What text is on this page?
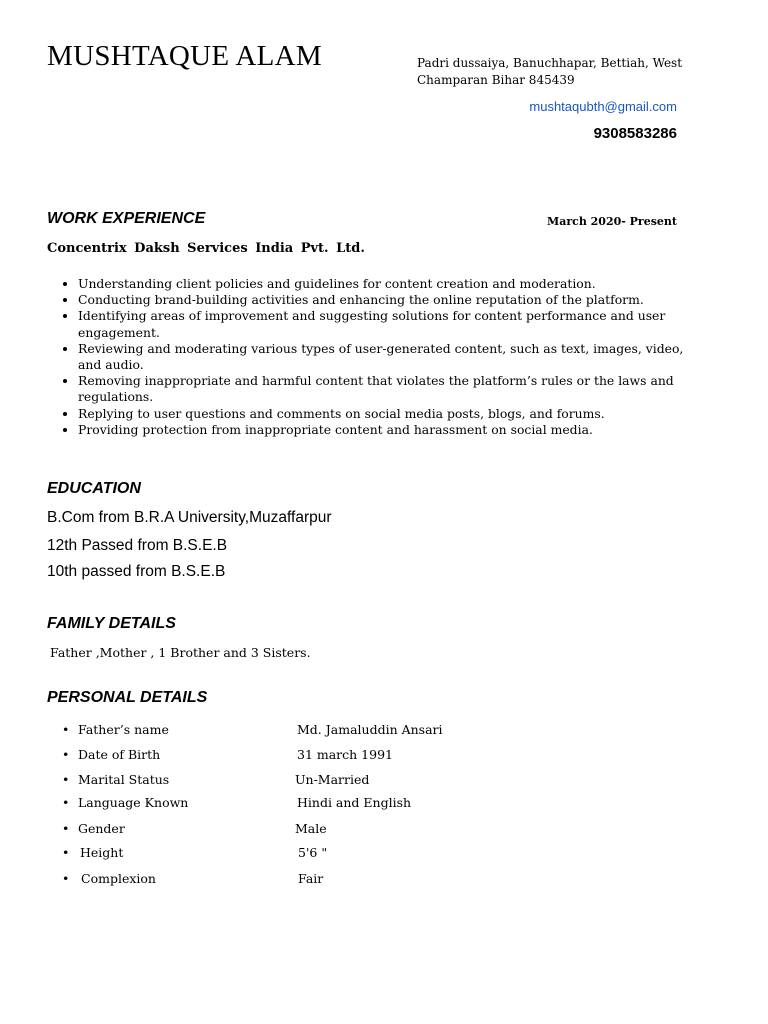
MUSHTAQUE ALAM	Padri dussaiya, Banuchhapar, Bettiah, West
Champaran Bihar 845439
mushtaqubth@gmail.com
9308583286
WORK EXPERIENCE	March 2020- Present
Concentrix Daksh Services India Pvt. Ltd.
• Understanding client policies and guidelines for content creation and moderation.
• Conducting brand-building activities and enhancing the online reputation of the platform.
• Identifying areas of improvement and suggesting solutions for content performance and user engagement.
• Reviewing and moderating various types of user-generated content, such as text, images, video, and audio.
• Removing inappropriate and harmful content that violates the platform’s rules or the laws and regulations.
• Replying to user questions and comments on social media posts, blogs, and forums.
• Providing protection from inappropriate content and harassment on social media.
EDUCATION
B.Com from B.R.A University,Muzaffarpur
12th Passed from B.S.E.B
10th passed from B.S.E.B
FAMILY DETAILS
Father ,Mother , 1 Brother and 3 Sisters.
PERSONAL DETAILS
• Father’s name	Md. Jamaluddin Ansari
• Date of Birth	31 march 1991
• Marital Status	Un-Married
• Language Known	Hindi and English
• Gender	Male
• Height	5'6 "
• Complexion	Fair
